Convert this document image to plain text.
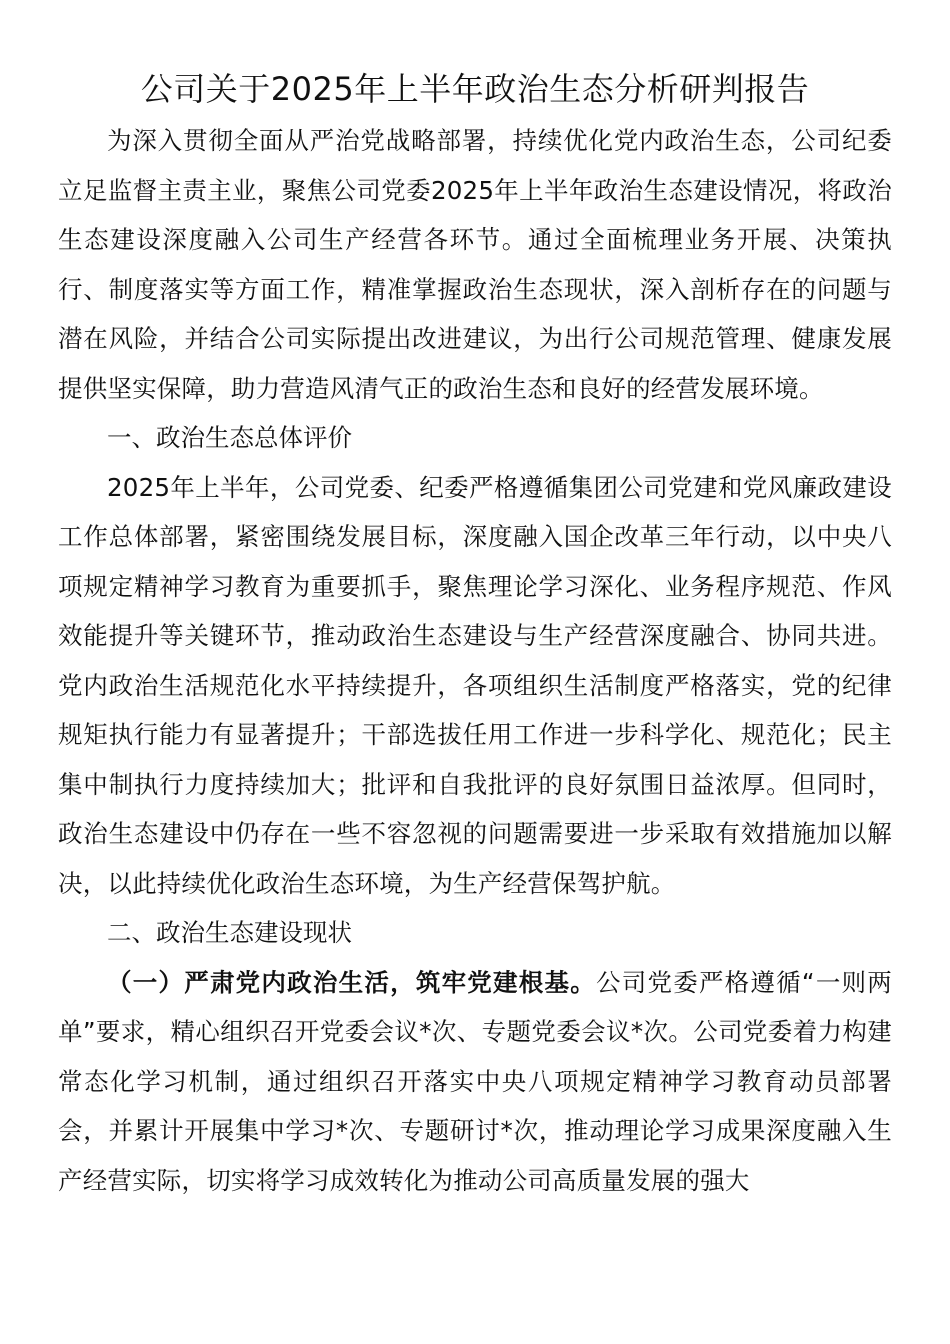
公司关于2025年上半年政治生态分析研判报告

为深入贯彻全面从严治党战略部署，持续优化党内政治生态，公司纪委立足监督主责主业，聚焦公司党委2025年上半年政治生态建设情况，将政治生态建设深度融入公司生产经营各环节。通过全面梳理业务开展、决策执行、制度落实等方面工作，精准掌握政治生态现状，深入剖析存在的问题与潜在风险，并结合公司实际提出改进建议，为出行公司规范管理、健康发展提供坚实保障，助力营造风清气正的政治生态和良好的经营发展环境。

一、政治生态总体评价

2025年上半年，公司党委、纪委严格遵循集团公司党建和党风廉政建设工作总体部署，紧密围绕发展目标，深度融入国企改革三年行动，以中央八项规定精神学习教育为重要抓手，聚焦理论学习深化、业务程序规范、作风效能提升等关键环节，推动政治生态建设与生产经营深度融合、协同共进。党内政治生活规范化水平持续提升，各项组织生活制度严格落实，党的纪律规矩执行能力有显著提升；干部选拔任用工作进一步科学化、规范化；民主集中制执行力度持续加大；批评和自我批评的良好氛围日益浓厚。但同时，政治生态建设中仍存在一些不容忽视的问题需要进一步采取有效措施加以解决，以此持续优化政治生态环境，为生产经营保驾护航。

二、政治生态建设现状

（一）严肃党内政治生活，筑牢党建根基。公司党委严格遵循“一则两单”要求，精心组织召开党委会议*次、专题党委会议*次。公司党委着力构建常态化学习机制，通过组织召开落实中央八项规定精神学习教育动员部署会，并累计开展集中学习*次、专题研讨*次，推动理论学习成果深度融入生产经营实际，切实将学习成效转化为推动公司高质量发展的强大
